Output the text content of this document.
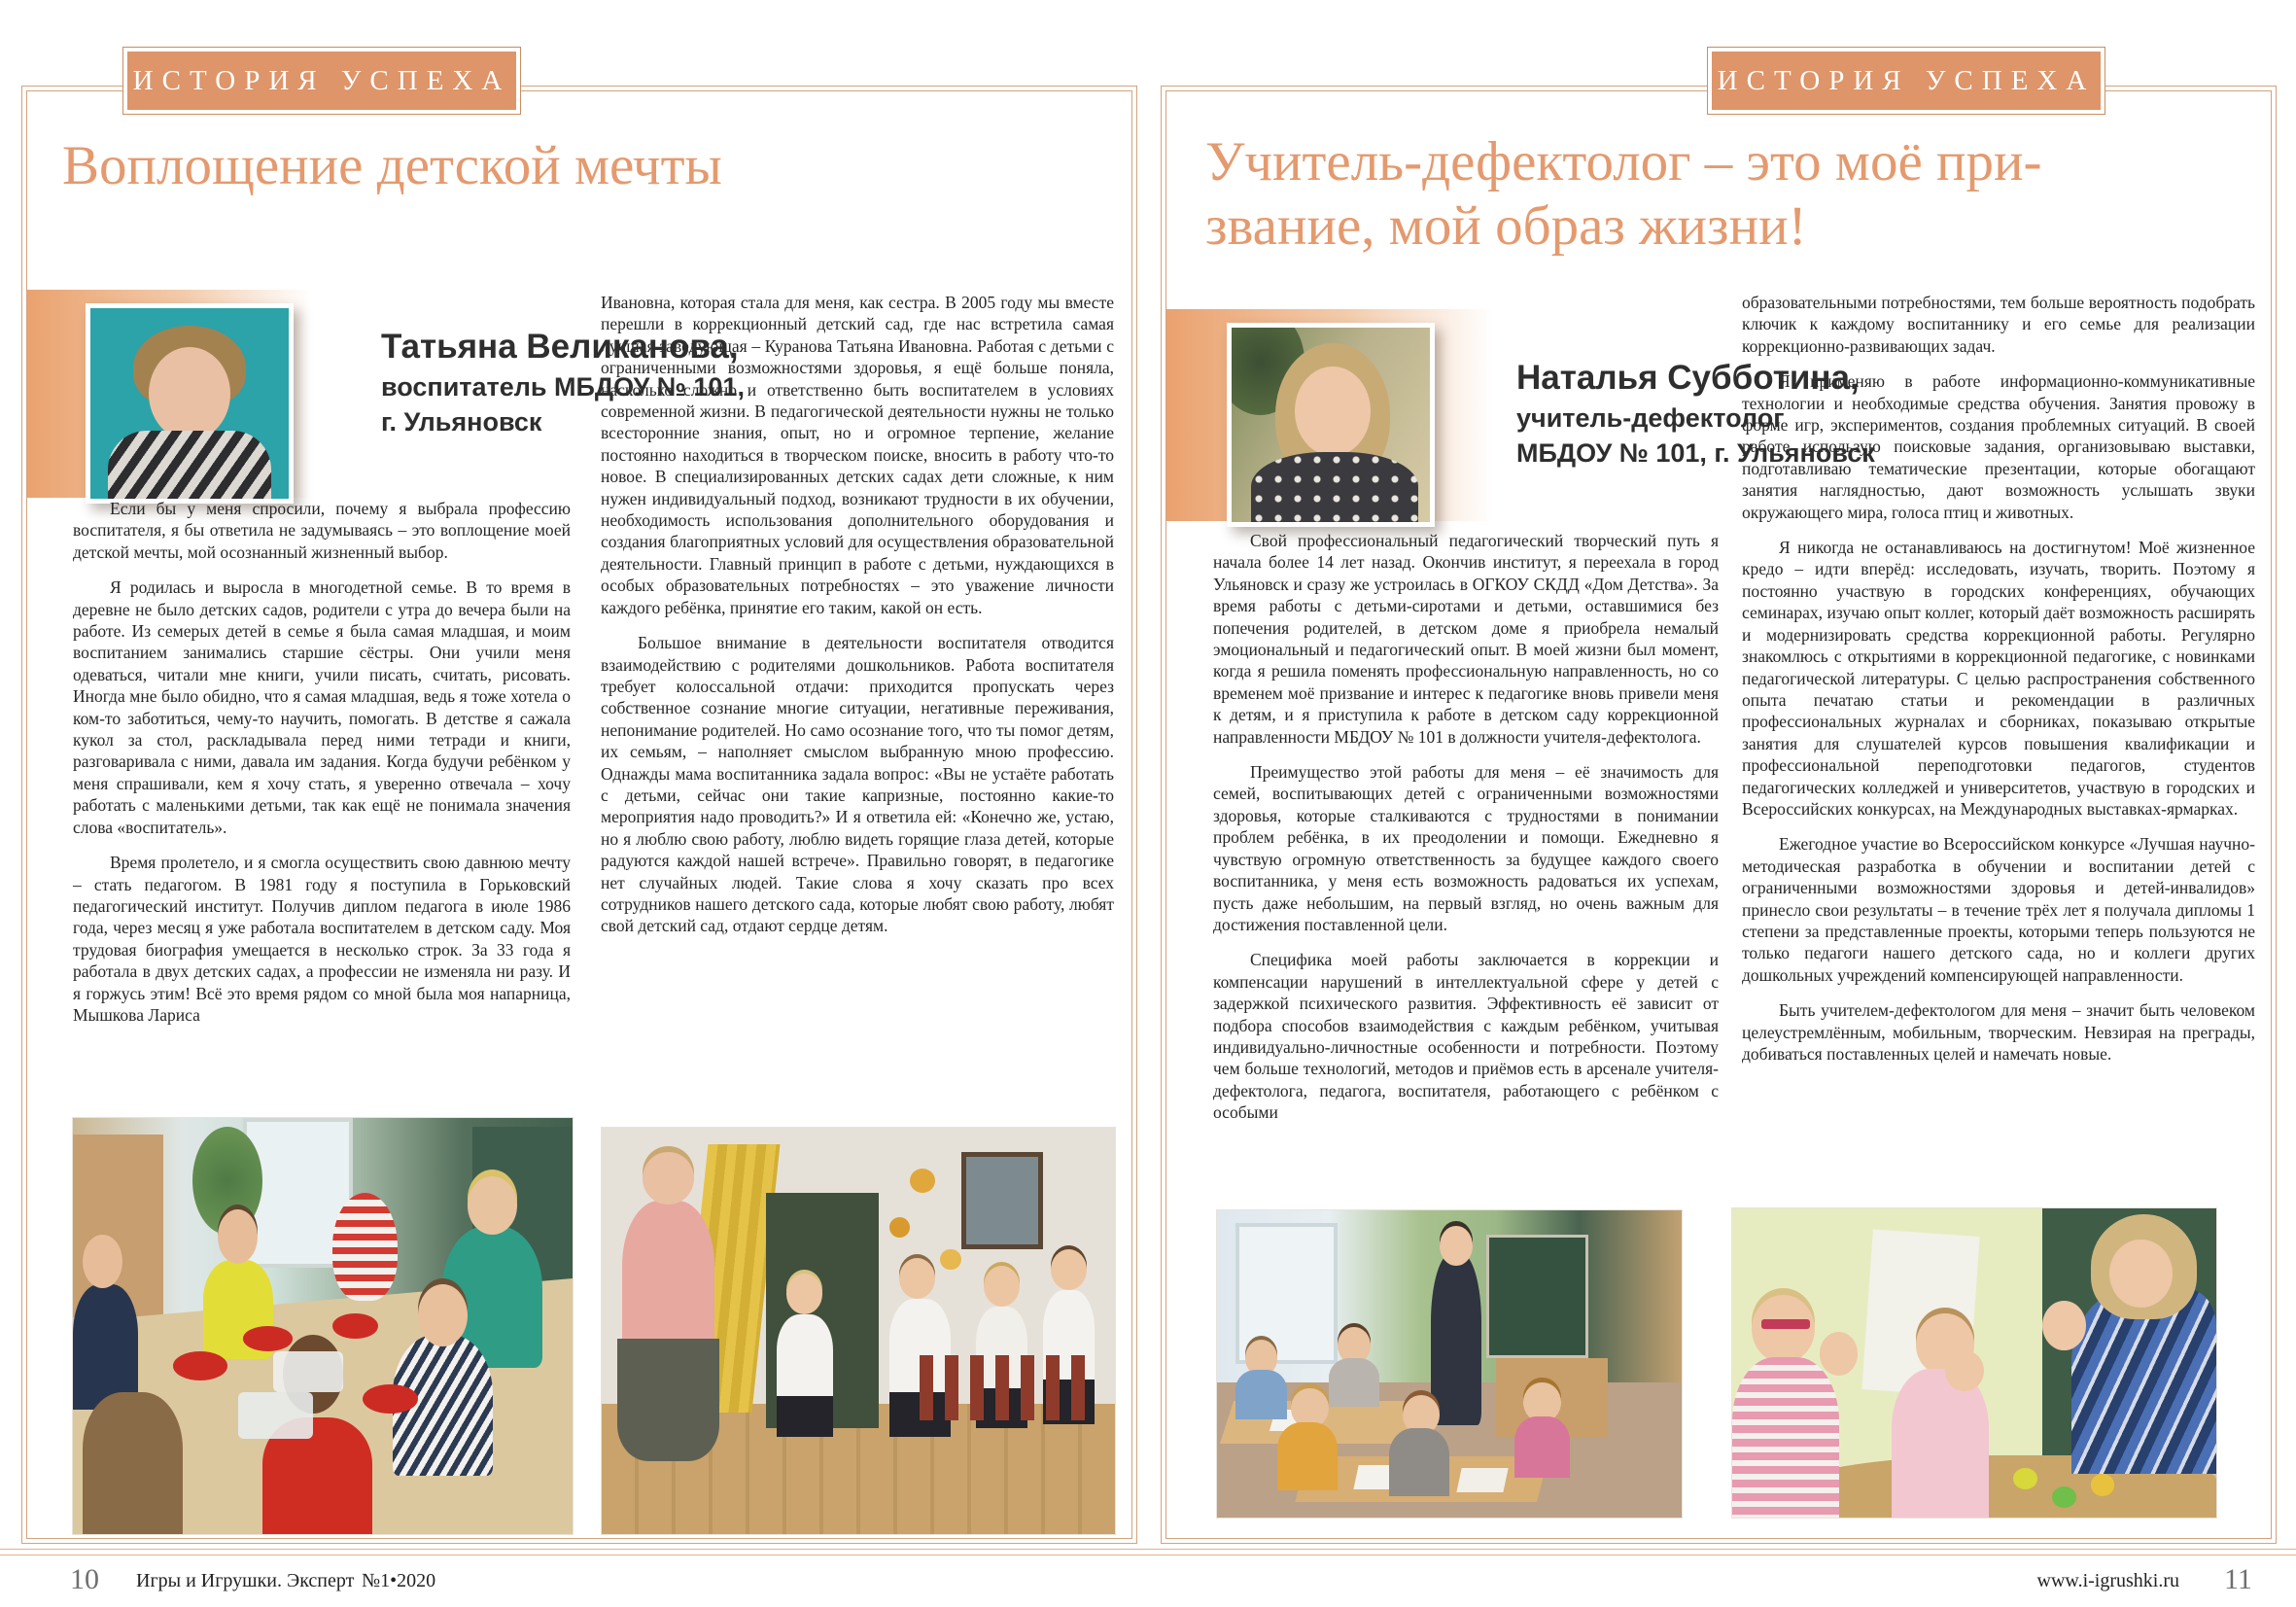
ИСТОРИЯ УСПЕХА
Воплощение детской мечты
Татьяна Великанова,
воспитатель МБДОУ № 101,
г. Ульяновск

Если бы у меня спросили, почему я выбрала профессию воспитателя, я бы ответила не задумываясь – это воплощение моей детской мечты, мой осознанный жизненный выбор.

Я родилась и выросла в многодетной семье. В то время в деревне не было детских садов, родители с утра до вечера были на работе. Из семерых детей в семье я была самая младшая, и моим воспитанием занимались старшие сёстры. Они учили меня одеваться, читали мне книги, учили писать, считать, рисовать. Иногда мне было обидно, что я самая младшая, ведь я тоже хотела о ком-то заботиться, чему-то научить, помогать. В детстве я сажала кукол за стол, раскладывала перед ними тетради и книги, разговаривала с ними, давала им задания. Когда будучи ребёнком у меня спрашивали, кем я хочу стать, я уверенно отвечала – хочу работать с маленькими детьми, так как ещё не понимала значения слова «воспитатель».

Время пролетело, и я смогла осуществить свою давнюю мечту – стать педагогом. В 1981 году я поступила в Горьковский педагогический институт. Получив диплом педагога в июле 1986 года, через месяц я уже работала воспитателем в детском саду. Моя трудовая биография умещается в несколько строк. За 33 года я работала в двух детских садах, а профессии не изменяла ни разу. И я горжусь этим! Всё это время рядом со мной была моя напарница, Мышкова Лариса

Ивановна, которая стала для меня, как сестра. В 2005 году мы вместе перешли в коррекционный детский сад, где нас встретила самая лучшая заведующая – Куранова Татьяна Ивановна. Работая с детьми с ограниченными возможностями здоровья, я ещё больше поняла, насколько сложно и ответственно быть воспитателем в условиях современной жизни. В педагогической деятельности нужны не только всесторонние знания, опыт, но и огромное терпение, желание постоянно находиться в творческом поиске, вносить в работу что-то новое. В специализированных детских садах дети сложные, к ним нужен индивидуальный подход, возникают трудности в их обучении, необходимость использования дополнительного оборудования и создания благоприятных условий для осуществления образовательной деятельности. Главный принцип в работе с детьми, нуждающихся в особых образовательных потребностях – это уважение личности каждого ребёнка, принятие его таким, какой он есть.

Большое внимание в деятельности воспитателя отводится взаимодействию с родителями дошкольников. Работа воспитателя требует колоссальной отдачи: приходится пропускать через собственное сознание многие ситуации, негативные переживания, непонимание родителей. Но само осознание того, что ты помог детям, их семьям, – наполняет смыслом выбранную мною профессию. Однажды мама воспитанника задала вопрос: «Вы не устаёте работать с детьми, сейчас они такие капризные, постоянно какие-то мероприятия надо проводить?» И я ответила ей: «Конечно же, устаю, но я люблю свою работу, люблю видеть горящие глаза детей, которые радуются каждой нашей встрече». Правильно говорят, в педагогике нет случайных людей. Такие слова я хочу сказать про всех сотрудников нашего детского сада, которые любят свою работу, любят свой детский сад, отдают сердце детям.

ИСТОРИЯ УСПЕХА
Учитель-дефектолог – это моё при-
звание, мой образ жизни!
Наталья Субботина,
учитель-дефектолог
МБДОУ № 101, г. Ульяновск

Свой профессиональный педагогический творческий путь я начала более 14 лет назад. Окончив институт, я переехала в город Ульяновск и сразу же устроилась в ОГКОУ СКДД «Дом Детства». За время работы с детьми-сиротами и детьми, оставшимися без попечения родителей, в детском доме я приобрела немалый эмоциональный и педагогический опыт. В моей жизни был момент, когда я решила поменять профессиональную направленность, но со временем моё призвание и интерес к педагогике вновь привели меня к детям, и я приступила к работе в детском саду коррекционной направленности МБДОУ № 101 в должности учителя-дефектолога.

Преимущество этой работы для меня – её значимость для семей, воспитывающих детей с ограниченными возможностями здоровья, которые сталкиваются с трудностями в понимании проблем ребёнка, в их преодолении и помощи. Ежедневно я чувствую огромную ответственность за будущее каждого своего воспитанника, у меня есть возможность радоваться их успехам, пусть даже небольшим, на первый взгляд, но очень важным для достижения поставленной цели.

Специфика моей работы заключается в коррекции и компенсации нарушений в интеллектуальной сфере у детей с задержкой психического развития. Эффективность её зависит от подбора способов взаимодействия с каждым ребёнком, учитывая индивидуально-личностные особенности и потребности. Поэтому чем больше технологий, методов и приёмов есть в арсенале учителя-дефектолога, педагога, воспитателя, работающего с ребёнком с особыми

образовательными потребностями, тем больше вероятность подобрать ключик к каждому воспитаннику и его семье для реализации коррекционно-развивающих задач.

Я применяю в работе информационно-коммуникативные технологии и необходимые средства обучения. Занятия провожу в форме игр, экспериментов, создания проблемных ситуаций. В своей работе использую поисковые задания, организовываю выставки, подготавливаю тематические презентации, которые обогащают занятия наглядностью, дают возможность услышать звуки окружающего мира, голоса птиц и животных.

Я никогда не останавливаюсь на достигнутом! Моё жизненное кредо – идти вперёд: исследовать, изучать, творить. Поэтому я постоянно участвую в городских конференциях, обучающих семинарах, изучаю опыт коллег, который даёт возможность расширять и модернизировать средства коррекционной работы. Регулярно знакомлюсь с открытиями в коррекционной педагогике, с новинками педагогической литературы. С целью распространения собственного опыта печатаю статьи и рекомендации в различных профессиональных журналах и сборниках, показываю открытые занятия для слушателей курсов повышения квалификации и профессиональной переподготовки педагогов, студентов педагогических колледжей и университетов, участвую в городских и Всероссийских конкурсах, на Международных выставках-ярмарках.

Ежегодное участие во Всероссийском конкурсе «Лучшая научно-методическая разработка в обучении и воспитании детей с ограниченными возможностями здоровья и детей-инвалидов» принесло свои результаты – в течение трёх лет я получала дипломы 1 степени за представленные проекты, которыми теперь пользуются не только педагоги нашего детского сада, но и коллеги других дошкольных учреждений компенсирующей направленности.

Быть учителем-дефектологом для меня – значит быть человеком целеустремлённым, мобильным, творческим. Невзирая на преграды, добиваться поставленных целей и намечать новые.

10 Игры и Игрушки. Эксперт №1•2020	www.i-igrushki.ru 11
